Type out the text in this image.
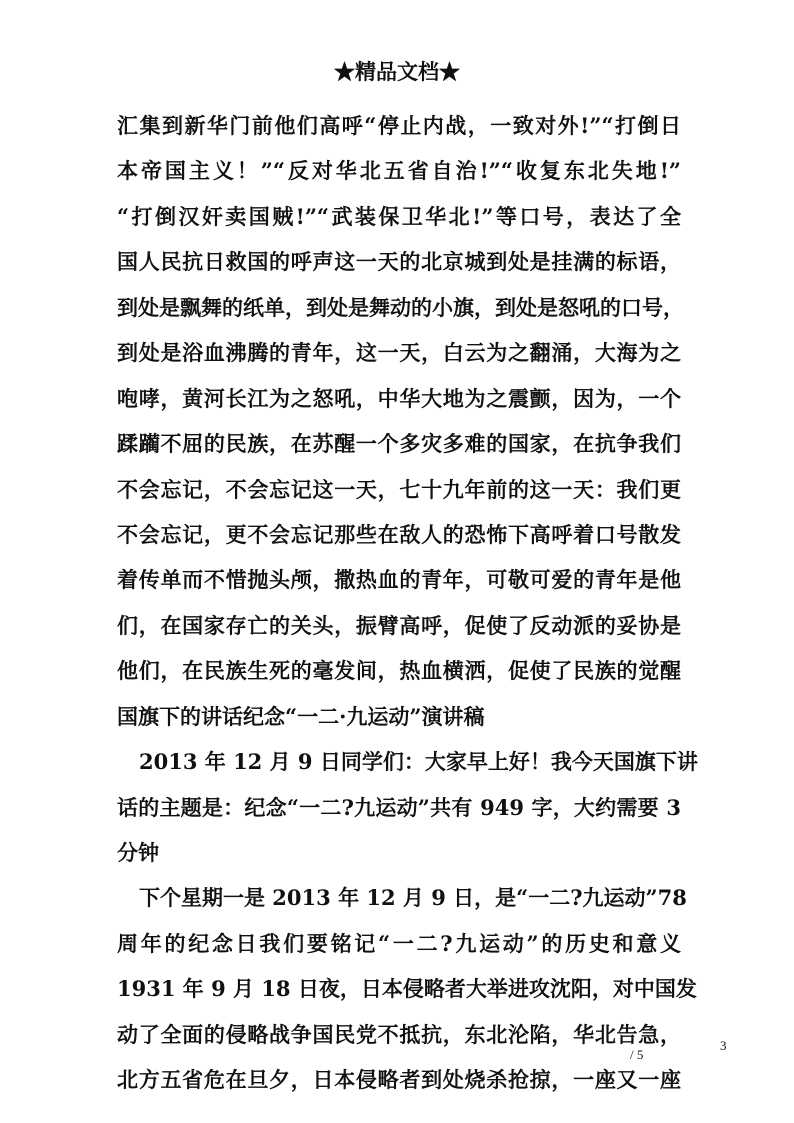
★精品文档★
汇集到新华门前他们高呼“停止内战，一致对外!”“打倒日
本帝国主义！”“反对华北五省自治!”“收复东北失地!”
“打倒汉奸卖国贼!”“武装保卫华北!”等口号，表达了全
国人民抗日救国的呼声这一天的北京城到处是挂满的标语，
到处是飘舞的纸单，到处是舞动的小旗，到处是怒吼的口号，
到处是浴血沸腾的青年，这一天，白云为之翻涌，大海为之
咆哮，黄河长江为之怒吼，中华大地为之震颤，因为，一个
蹂躏不屈的民族，在苏醒一个多灾多难的国家，在抗争我们
不会忘记，不会忘记这一天，七十九年前的这一天：我们更
不会忘记，更不会忘记那些在敌人的恐怖下高呼着口号散发
着传单而不惜抛头颅，撒热血的青年，可敬可爱的青年是他
们，在国家存亡的关头，振臂高呼，促使了反动派的妥协是
他们，在民族生死的毫发间，热血横洒，促使了民族的觉醒
国旗下的讲话纪念“一二·九运动”演讲稿
2013 年 12 月 9 日同学们：大家早上好！我今天国旗下讲
话的主题是：纪念“一二?九运动”共有 949 字，大约需要 3
分钟
下个星期一是 2013 年 12 月 9 日，是“一二?九运动”78
周年的纪念日我们要铭记“一二?九运动”的历史和意义
1931 年 9 月 18 日夜，日本侵略者大举进攻沈阳，对中国发
动了全面的侵略战争国民党不抵抗，东北沦陷，华北告急，
北方五省危在旦夕，日本侵略者到处烧杀抢掠，一座又一座
3
/ 5
